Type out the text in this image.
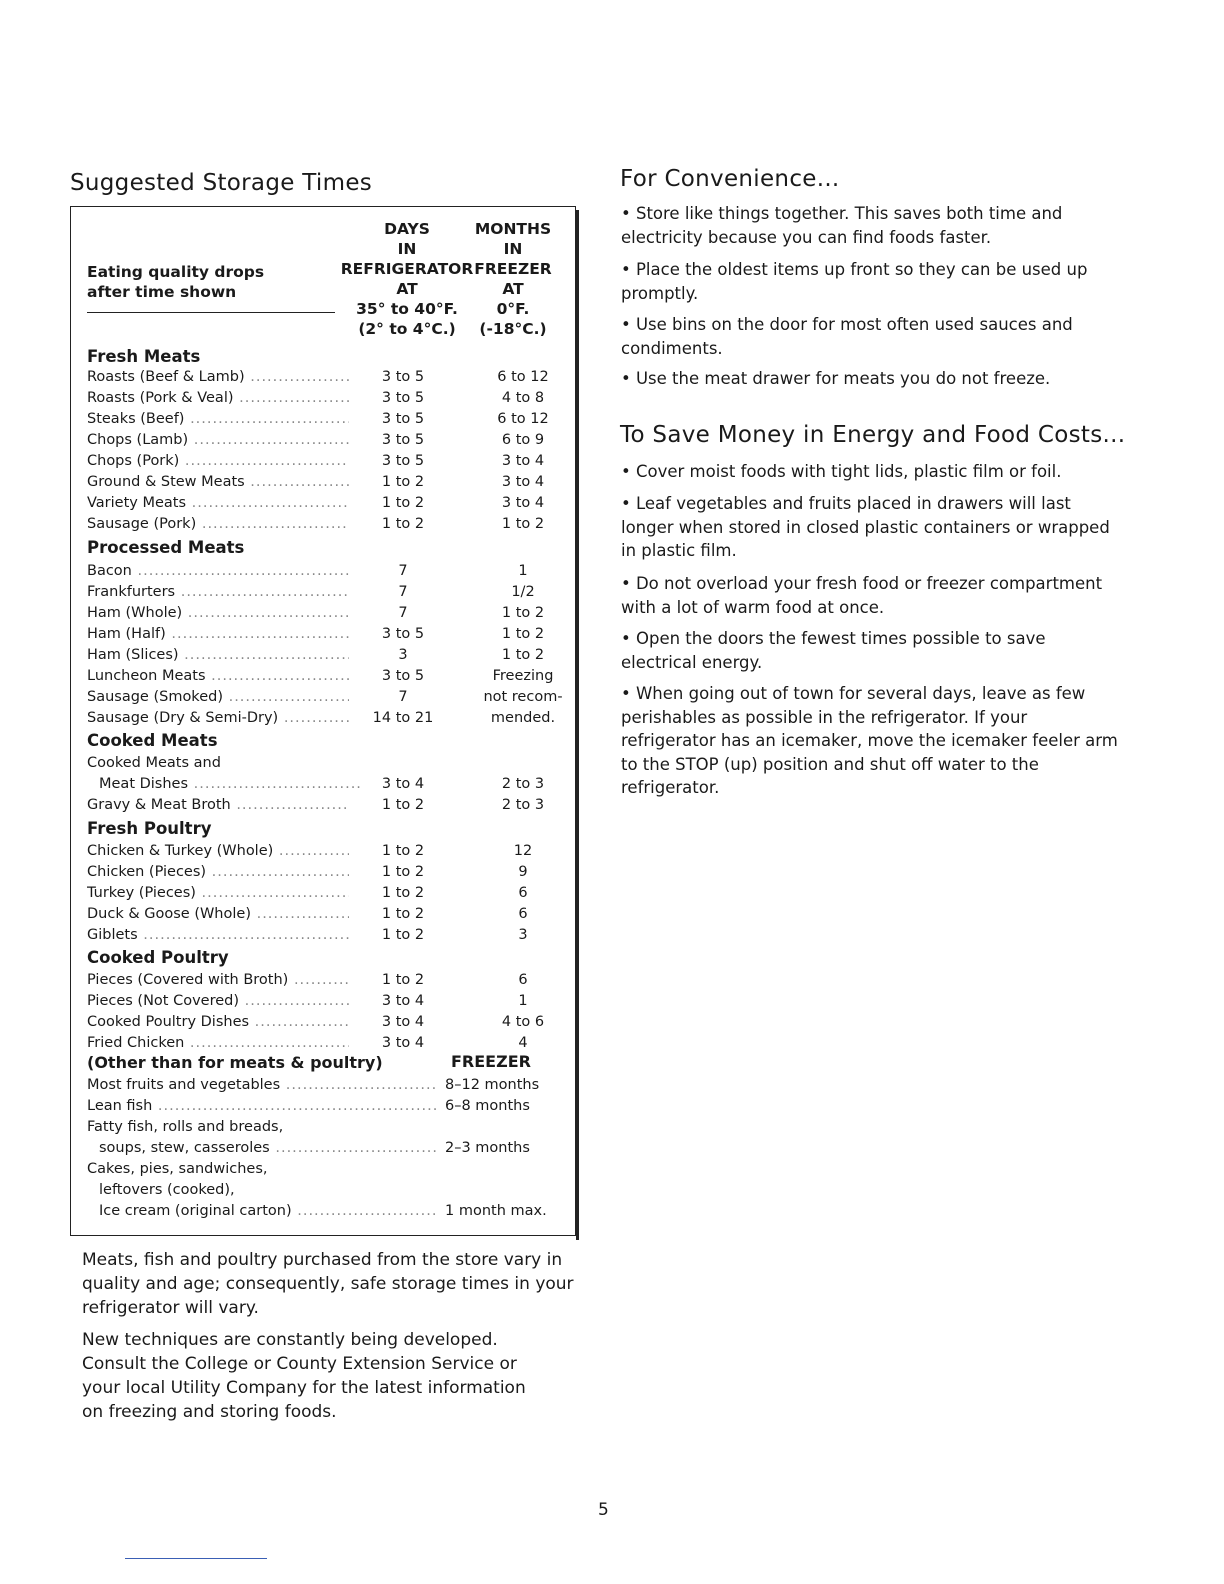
Suggested Storage Times
DAYS
IN
REFRIGERATOR
AT
35° to 40°F.
(2° to 4°C.)
MONTHS
IN
FREEZER
AT
0°F.
(-18°C.)
Eating quality drops
after time shown
Fresh Meats
Roasts (Beef & Lamb) .....	3 to 5	6 to 12
Roasts (Pork & Veal) .....	3 to 5	4 to 8
Steaks (Beef) .....	3 to 5	6 to 12
Chops (Lamb) .....	3 to 5	6 to 9
Chops (Pork) .....	3 to 5	3 to 4
Ground & Stew Meats .....	1 to 2	3 to 4
Variety Meats .....	1 to 2	3 to 4
Sausage (Pork) .....	1 to 2	1 to 2
Processed Meats
Bacon .....	7	1
Frankfurters .....	7	1/2
Ham (Whole) .....	7	1 to 2
Ham (Half) .....	3 to 5	1 to 2
Ham (Slices) .....	3	1 to 2
Luncheon Meats .....	3 to 5	Freezing
Sausage (Smoked) .....	7	not recom-
Sausage (Dry & Semi-Dry) .....	14 to 21	mended.
Cooked Meats
Cooked Meats and
Meat Dishes .....	3 to 4	2 to 3
Gravy & Meat Broth .....	1 to 2	2 to 3
Fresh Poultry
Chicken & Turkey (Whole) .....	1 to 2	12
Chicken (Pieces) .....	1 to 2	9
Turkey (Pieces) .....	1 to 2	6
Duck & Goose (Whole) .....	1 to 2	6
Giblets .....	1 to 2	3
Cooked Poultry
Pieces (Covered with Broth) .....	1 to 2	6
Pieces (Not Covered) .....	3 to 4	1
Cooked Poultry Dishes .....	3 to 4	4 to 6
Fried Chicken .....	3 to 4	4
(Other than for meats & poultry)	FREEZER
Most fruits and vegetables .....	8–12 months
Lean fish .....	6–8 months
Fatty fish, rolls and breads,
soups, stew, casseroles .....	2–3 months
Cakes, pies, sandwiches,
leftovers (cooked),
Ice cream (original carton) .....	1 month max.
Meats, fish and poultry purchased from the store vary in quality and age; consequently, safe storage times in your refrigerator will vary.
New techniques are constantly being developed. Consult the College or County Extension Service or your local Utility Company for the latest information on freezing and storing foods.
For Convenience...
• Store like things together. This saves both time and electricity because you can find foods faster.
• Place the oldest items up front so they can be used up promptly.
• Use bins on the door for most often used sauces and condiments.
• Use the meat drawer for meats you do not freeze.
To Save Money in Energy and Food Costs...
• Cover moist foods with tight lids, plastic film or foil.
• Leaf vegetables and fruits placed in drawers will last longer when stored in closed plastic containers or wrapped in plastic film.
• Do not overload your fresh food or freezer compartment with a lot of warm food at once.
• Open the doors the fewest times possible to save electrical energy.
• When going out of town for several days, leave as few perishables as possible in the refrigerator. If your refrigerator has an icemaker, move the icemaker feeler arm to the STOP (up) position and shut off water to the refrigerator.
5
